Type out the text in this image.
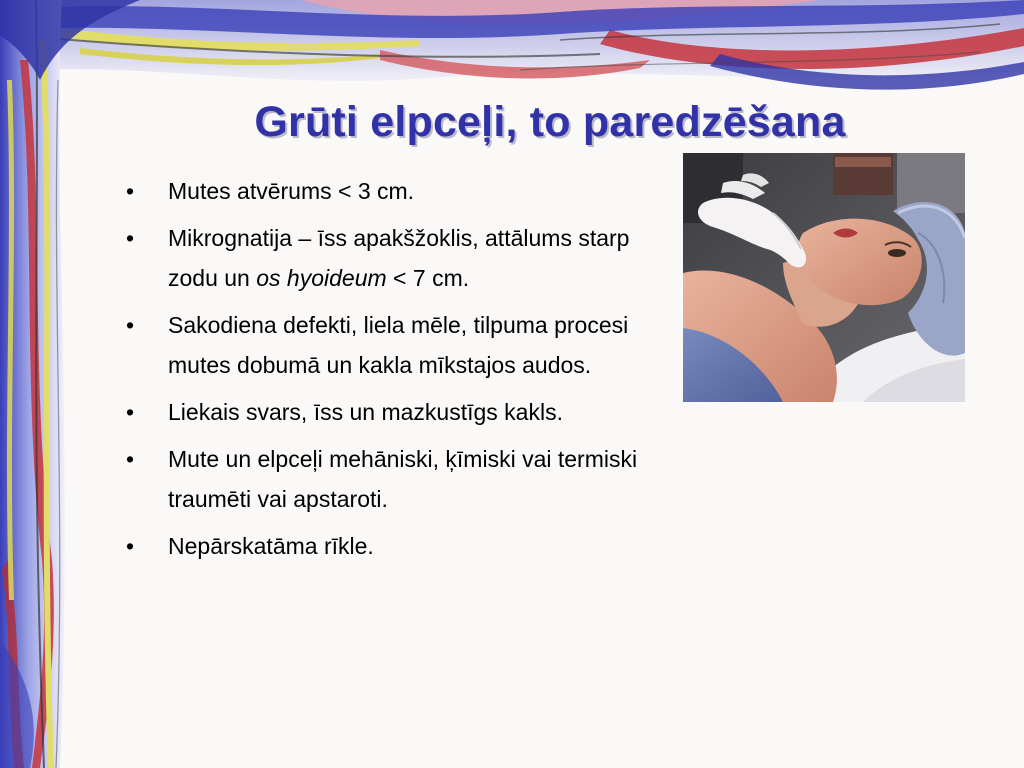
Grūti elpceļi, to paredzēšana
• Mutes atvērums < 3 cm.
• Mikrognatija – īss apakšžoklis, attālums starp zodu un os hyoideum < 7 cm.
• Sakodiena defekti, liela mēle, tilpuma procesi mutes dobumā un kakla mīkstajos audos.
• Liekais svars, īss un mazkustīgs kakls.
• Mute un elpceļi mehāniski, ķīmiski vai termiski traumēti vai apstaroti.
• Nepārskatāma rīkle.
